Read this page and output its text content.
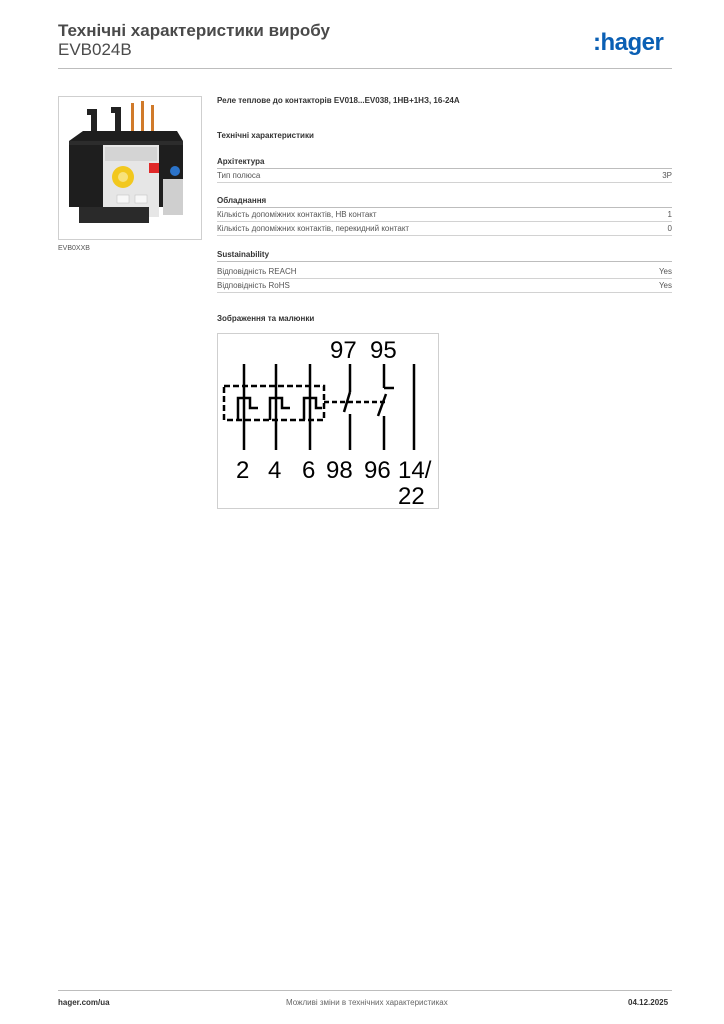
Технічні характеристики виробу
EVB024B	:hager
EVB0XXB
Реле теплове до контакторів EV018...EV038, 1НВ+1НЗ, 16-24А
Технічні характеристики
Архітектура
Тип полюса	3P
Обладнання
Кількість допоміжних контактів, НВ контакт	1
Кількість допоміжних контактів, перекидний контакт	0
Sustainability
Відповідність REACH	Yes
Відповідність RoHS	Yes
Зображення та малюнки
97 95
2 4 6 98 96 14/
22
hager.com/ua	Можливі зміни в технічних характеристиках	04.12.2025
